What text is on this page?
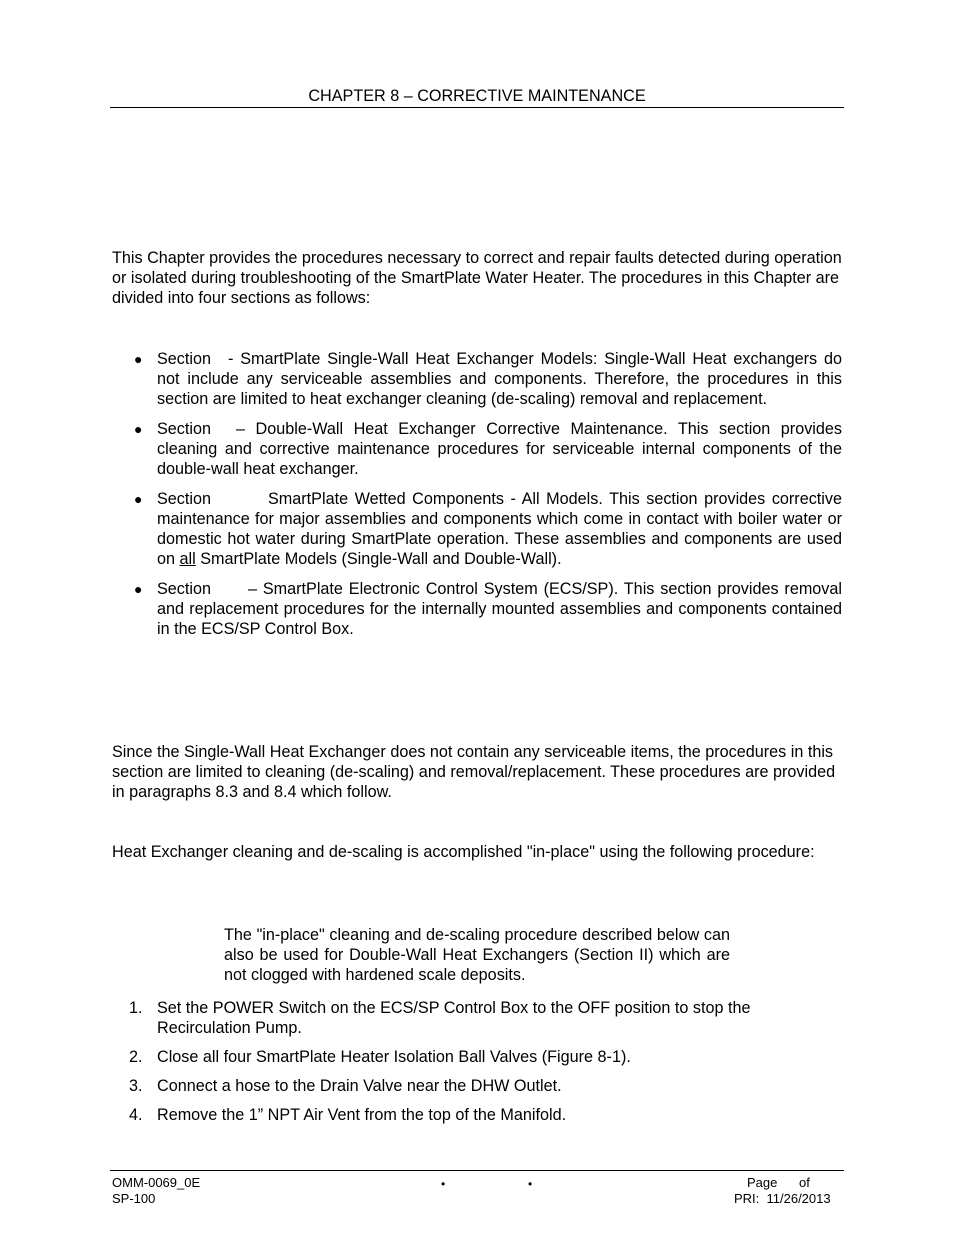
CHAPTER 8 – CORRECTIVE MAINTENANCE

This Chapter provides the procedures necessary to correct and repair faults detected during operation or isolated during troubleshooting of the SmartPlate Water Heater. The procedures in this Chapter are divided into four sections as follows:

● Section - SmartPlate Single-Wall Heat Exchanger Models: Single-Wall Heat exchangers do not include any serviceable assemblies and components. Therefore, the procedures in this section are limited to heat exchanger cleaning (de-scaling) removal and replacement.
● Section – Double-Wall Heat Exchanger Corrective Maintenance. This section provides cleaning and corrective maintenance procedures for serviceable internal components of the double-wall heat exchanger.
● Section	SmartPlate Wetted Components - All Models. This section provides corrective maintenance for major assemblies and components which come in contact with boiler water or domestic hot water during SmartPlate operation. These assemblies and components are used on all SmartPlate Models (Single-Wall and Double-Wall).
● Section – SmartPlate Electronic Control System (ECS/SP). This section provides removal and replacement procedures for the internally mounted assemblies and components contained in the ECS/SP Control Box.

Since the Single-Wall Heat Exchanger does not contain any serviceable items, the procedures in this section are limited to cleaning (de-scaling) and removal/replacement. These procedures are provided in paragraphs 8.3 and 8.4 which follow.

Heat Exchanger cleaning and de-scaling is accomplished "in-place" using the following procedure:

The "in-place" cleaning and de-scaling procedure described below can also be used for Double-Wall Heat Exchangers (Section II) which are not clogged with hardened scale deposits.

1. Set the POWER Switch on the ECS/SP Control Box to the OFF position to stop the Recirculation Pump.
2. Close all four SmartPlate Heater Isolation Ball Valves (Figure 8-1).
3. Connect a hose to the Drain Valve near the DHW Outlet.
4. Remove the 1” NPT Air Vent from the top of the Manifold.
OMM-0069_0E
SP-100
•	•	Page      of
PRI:  11/26/2013
